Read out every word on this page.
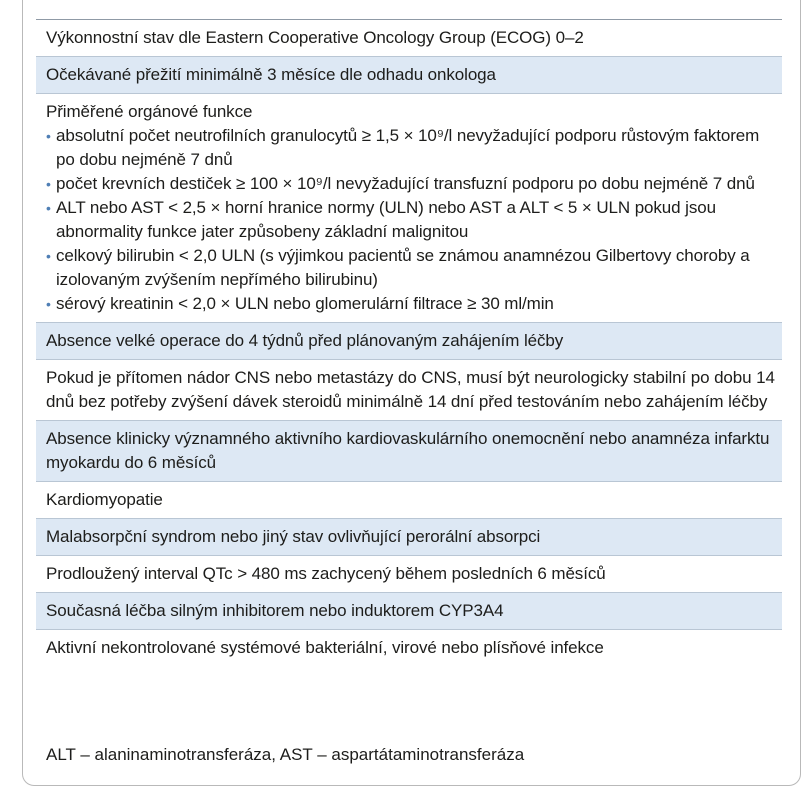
Výkonnostní stav dle Eastern Cooperative Oncology Group (ECOG) 0–2
Očekávané přežití minimálně 3 měsíce dle odhadu onkologa
Přiměřené orgánové funkce
• absolutní počet neutrofilních granulocytů ≥ 1,5 × 10⁹/l nevyžadující podporu růstovým faktorem po dobu nejméně 7 dnů
• počet krevních destiček ≥ 100 × 10⁹/l nevyžadující transfuzní podporu po dobu nejméně 7 dnů
• ALT nebo AST < 2,5 × horní hranice normy (ULN) nebo AST a ALT < 5 × ULN pokud jsou abnormality funkce jater způsobeny základní malignitou
• celkový bilirubin < 2,0 ULN (s výjimkou pacientů se známou anamnézou Gilbertovy choroby a izolovaným zvýšením nepřímého bilirubinu)
• sérový kreatinin < 2,0 × ULN nebo glomerulární filtrace ≥ 30 ml/min
Absence velké operace do 4 týdnů před plánovaným zahájením léčby
Pokud je přítomen nádor CNS nebo metastázy do CNS, musí být neurologicky stabilní po dobu 14 dnů bez potřeby zvýšení dávek steroidů minimálně 14 dní před testováním nebo zahájením léčby
Absence klinicky významného aktivního kardiovaskulárního onemocnění nebo anamnéza infarktu myokardu do 6 měsíců
Kardiomyopatie
Malabsorpční syndrom nebo jiný stav ovlivňující perorální absorpci
Prodloužený interval QTc > 480 ms zachycený během posledních 6 měsíců
Současná léčba silným inhibitorem nebo induktorem CYP3A4
Aktivní nekontrolované systémové bakteriální, virové nebo plísňové infekce
ALT – alaninaminotransferáza, AST – aspartátaminotransferáza
